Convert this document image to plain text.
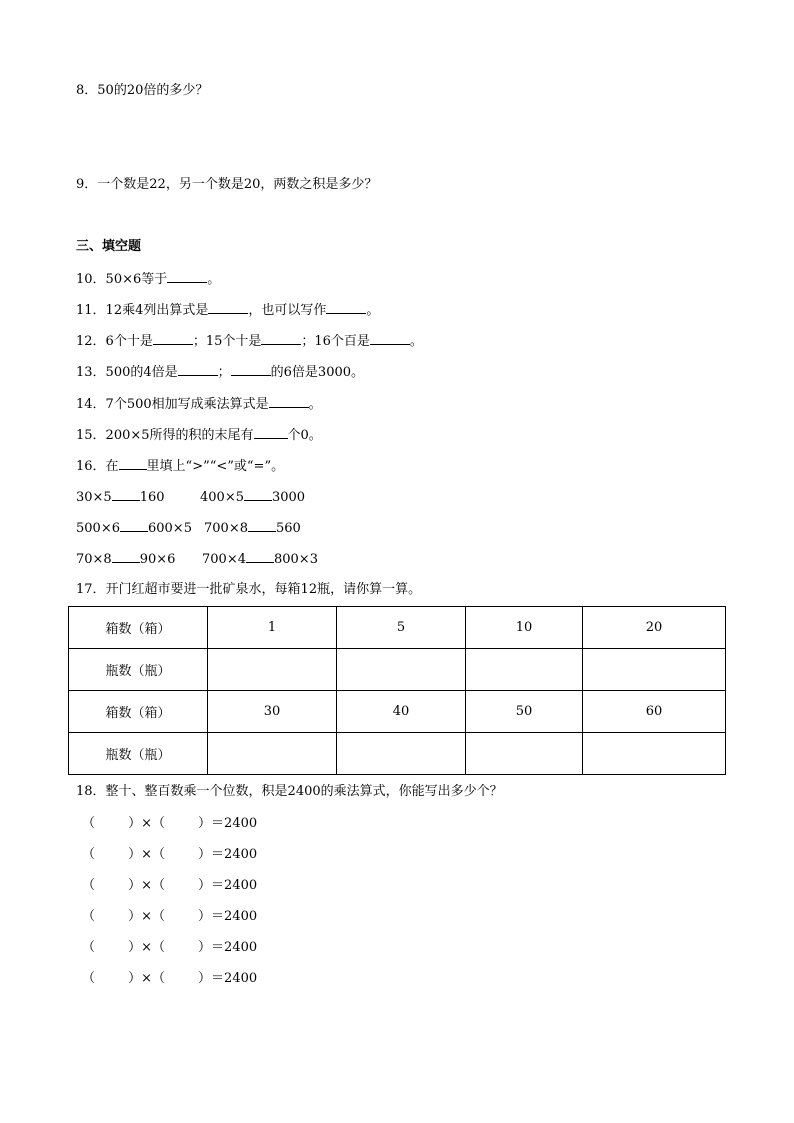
8．50的20倍的多少？
9．一个数是22，另一个数是20，两数之积是多少？
三、填空题
10．50×6等于	。
11．12乘4列出算式是	，也可以写作	。
12．6个十是	；15个十是	；16个百是	。
13．500的4倍是	；	的6倍是3000。
14．7个500相加写成乘法算式是	。
15．200×5所得的积的末尾有	个0。
16．在 里填上“>”“<”或“=”。
30×5 160	400×5 3000
500×6 600×5 700×8 560
70×8 90×6 700×4 800×3
17．开门红超市要进一批矿泉水，每箱12瓶，请你算一算。
箱数（箱）	1	5	10	20
瓶数（瓶）				
箱数（箱）	30	40	50	60
瓶数（瓶）				
18．整十、整百数乘一个位数，积是2400的乘法算式，你能写出多少个？
（	）×（	）＝2400
（	）×（	）＝2400
（	）×（	）＝2400
（	）×（	）＝2400
（	）×（	）＝2400
（	）×（	）＝2400
